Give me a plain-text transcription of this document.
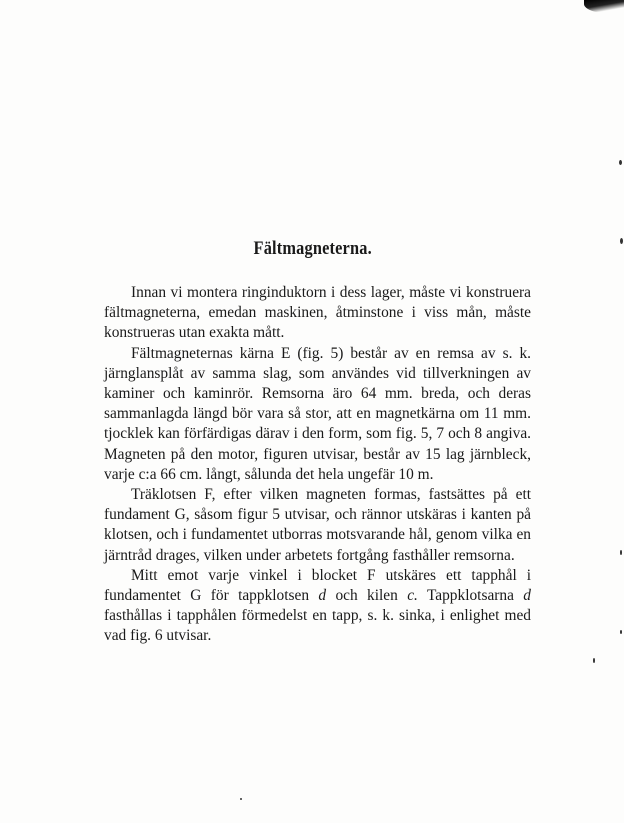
Fältmagneterna.

Innan vi montera ringinduktorn i dess lager, måste vi konstruera fältmagneterna, emedan maskinen, åtminstone i viss mån, måste konstrueras utan exakta mått.

Fältmagneternas kärna E (fig. 5) består av en remsa av s. k. järnglansplåt av samma slag, som användes vid tillverkningen av kaminer och kaminrör. Remsorna äro 64 mm. breda, och deras sammanlagda längd bör vara så stor, att en magnetkärna om 11 mm. tjocklek kan förfärdigas därav i den form, som fig. 5, 7 och 8 angiva. Magneten på den motor, figuren utvisar, består av 15 lag järnbleck, varje c:a 66 cm. långt, sålunda det hela ungefär 10 m.

Träklotsen F, efter vilken magneten formas, fastsättes på ett fundament G, såsom figur 5 utvisar, och rännor utskäras i kanten på klotsen, och i fundamentet utborras motsvarande hål, genom vilka en järntråd drages, vilken under arbetets fortgång fasthåller remsorna.

Mitt emot varje vinkel i blocket F utskäres ett tapphål i fundamentet G för tappklotsen d och kilen c. Tappklotsarna d fasthållas i tapphålen förmedelst en tapp, s. k. sinka, i enlighet med vad fig. 6 utvisar.
